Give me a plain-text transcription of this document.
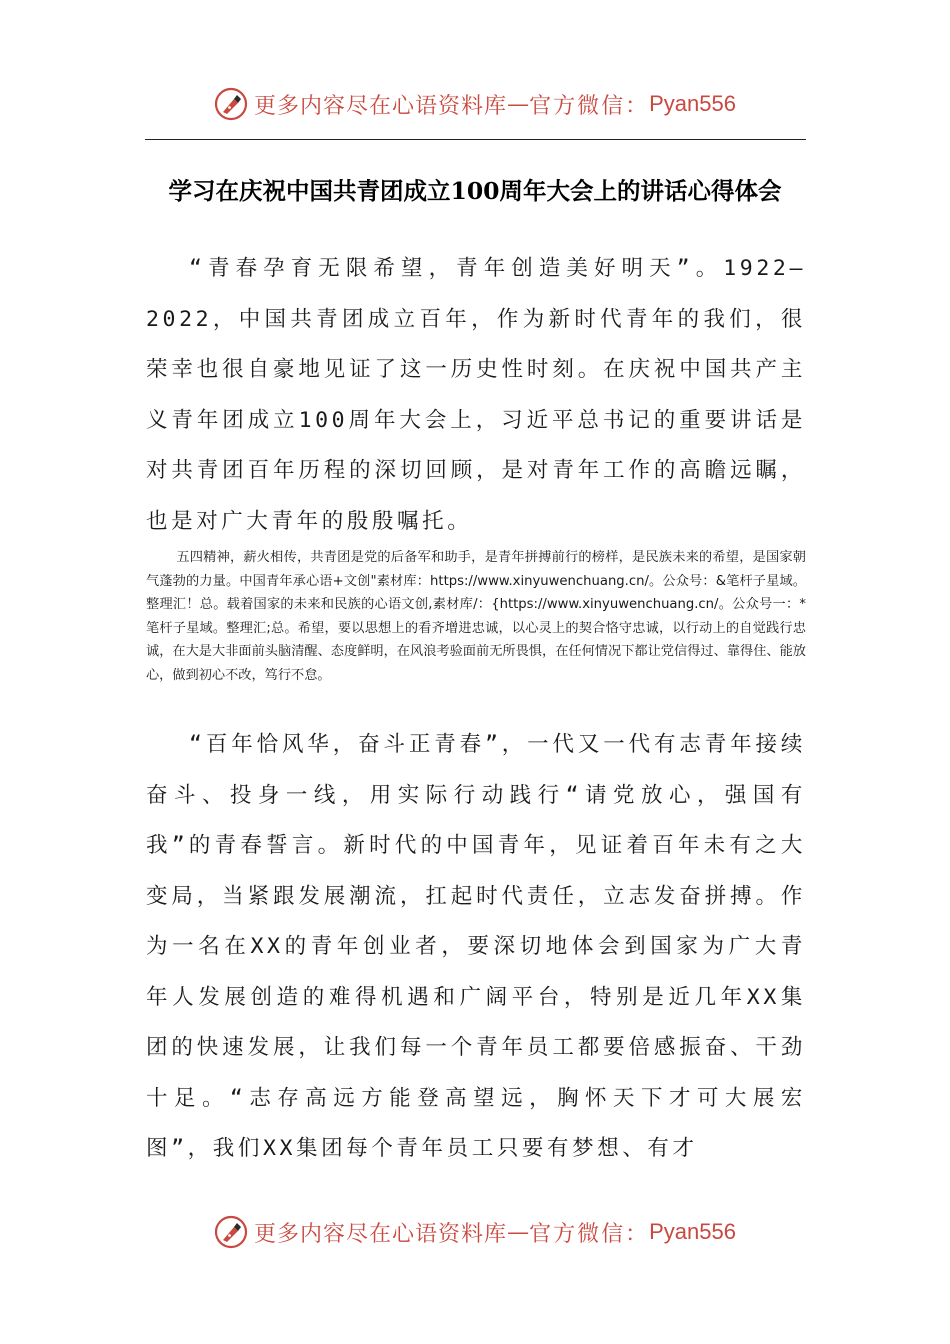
更多内容尽在心语资料库 — 官方微信： Pyan556
学习在庆祝中国共青团成立100周年大会上的讲话心得体会

“青春孕育无限希望，青年创造美好明天”。1922—2022，中国共青团成立百年，作为新时代青年的我们，很荣幸也很自豪地见证了这一历史性时刻。在庆祝中国共产主义青年团成立100周年大会上，习近平总书记的重要讲话是对共青团百年历程的深切回顾，是对青年工作的高瞻远瞩，也是对广大青年的殷殷嘱托。

五四精神，薪火相传，共青团是党的后备军和助手，是青年拼搏前行的榜样，是民族未来的希望，是国家朝气蓬勃的力量。中国青年承心语+文创"素材库：https://www.xinyuwenchuang.cn/。公众号：&笔杆子星域。整理汇！总。载着国家的未来和民族的心语文创,素材库/：{https://www.xinyuwenchuang.cn/。公众号一：*笔杆子星域。整理汇;总。希望，要以思想上的看齐增进忠诚，以心灵上的契合恪守忠诚，以行动上的自觉践行忠诚，在大是大非面前头脑清醒、态度鲜明，在风浪考验面前无所畏惧，在任何情况下都让党信得过、靠得住、能放心，做到初心不改，笃行不怠。

“百年恰风华，奋斗正青春”，一代又一代有志青年接续奋斗、投身一线，用实际行动践行“请党放心，强国有我”的青春誓言。新时代的中国青年，见证着百年未有之大变局，当紧跟发展潮流，扛起时代责任，立志发奋拼搏。作为一名在XX的青年创业者，要深切地体会到国家为广大青年人发展创造的难得机遇和广阔平台，特别是近几年XX集团的快速发展，让我们每一个青年员工都要倍感振奋、干劲十足。“志存高远方能登高望远，胸怀天下才可大展宏图”，我们XX集团每个青年员工只要有梦想、有才

更多内容尽在心语资料库 — 官方微信： Pyan556
